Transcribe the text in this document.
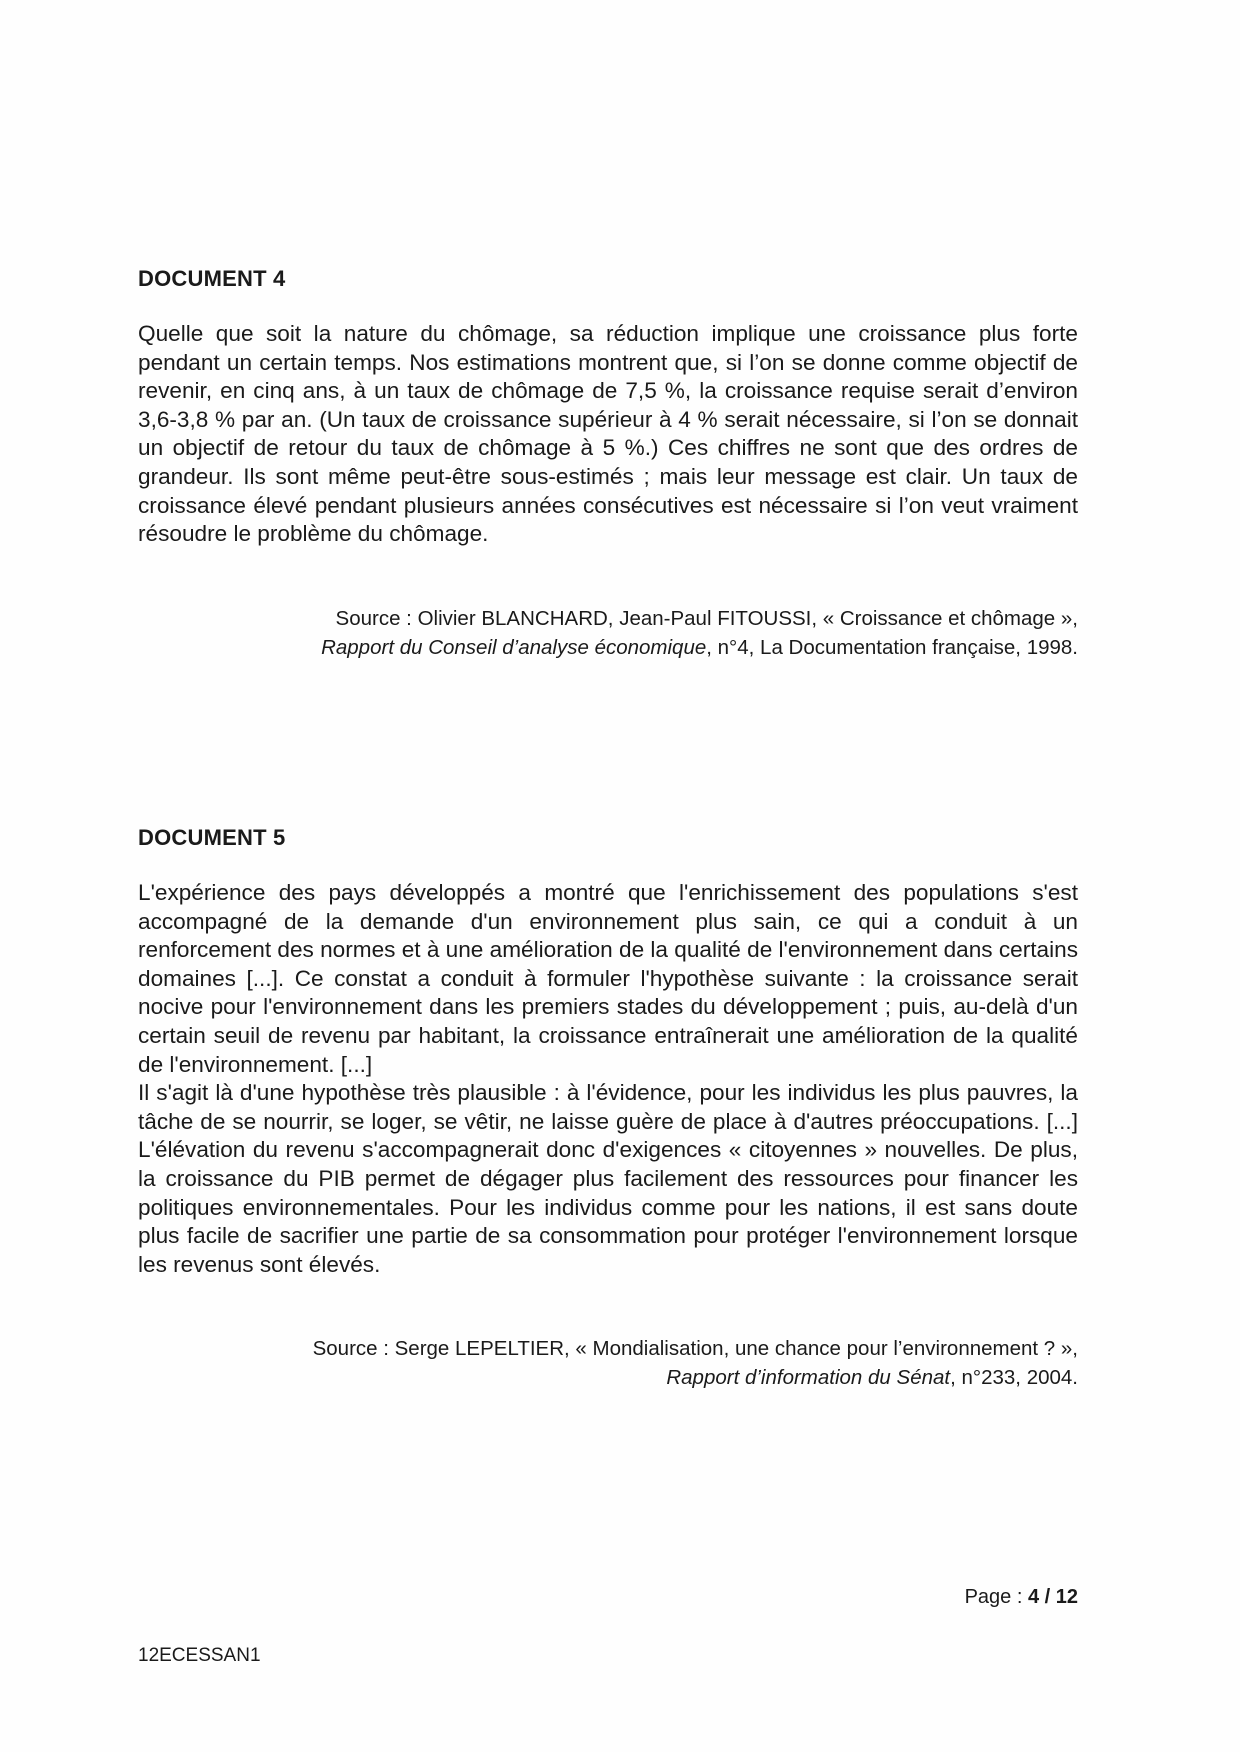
DOCUMENT 4

Quelle que soit la nature du chômage, sa réduction implique une croissance plus forte pendant un certain temps. Nos estimations montrent que, si l’on se donne comme objectif de revenir, en cinq ans, à un taux de chômage de 7,5 %, la croissance requise serait d’environ 3,6-3,8 % par an. (Un taux de croissance supérieur à 4 % serait nécessaire, si l’on se donnait un objectif de retour du taux de chômage à 5 %.) Ces chiffres ne sont que des ordres de grandeur. Ils sont même peut-être sous-estimés ; mais leur message est clair. Un taux de croissance élevé pendant plusieurs années consécutives est nécessaire si l’on veut vraiment résoudre le problème du chômage.

Source : Olivier BLANCHARD, Jean-Paul FITOUSSI, « Croissance et chômage »,
Rapport du Conseil d’analyse économique, n°4, La Documentation française, 1998.
DOCUMENT 5

L'expérience des pays développés a montré que l'enrichissement des populations s'est accompagné de la demande d'un environnement plus sain, ce qui a conduit à un renforcement des normes et à une amélioration de la qualité de l'environnement dans certains domaines [...]. Ce constat a conduit à formuler l'hypothèse suivante : la croissance serait nocive pour l'environnement dans les premiers stades du développement ; puis, au-delà d'un certain seuil de revenu par habitant, la croissance entraînerait une amélioration de la qualité de l'environnement. [...]

Il s'agit là d'une hypothèse très plausible : à l'évidence, pour les individus les plus pauvres, la tâche de se nourrir, se loger, se vêtir, ne laisse guère de place à d'autres préoccupations. [...] L'élévation du revenu s'accompagnerait donc d'exigences « citoyennes » nouvelles. De plus, la croissance du PIB permet de dégager plus facilement des ressources pour financer les politiques environnementales. Pour les individus comme pour les nations, il est sans doute plus facile de sacrifier une partie de sa consommation pour protéger l'environnement lorsque les revenus sont élevés.

Source : Serge LEPELTIER, « Mondialisation, une chance pour l’environnement ? »,
Rapport d’information du Sénat, n°233, 2004.
Page : 4 / 12
12ECESSAN1
